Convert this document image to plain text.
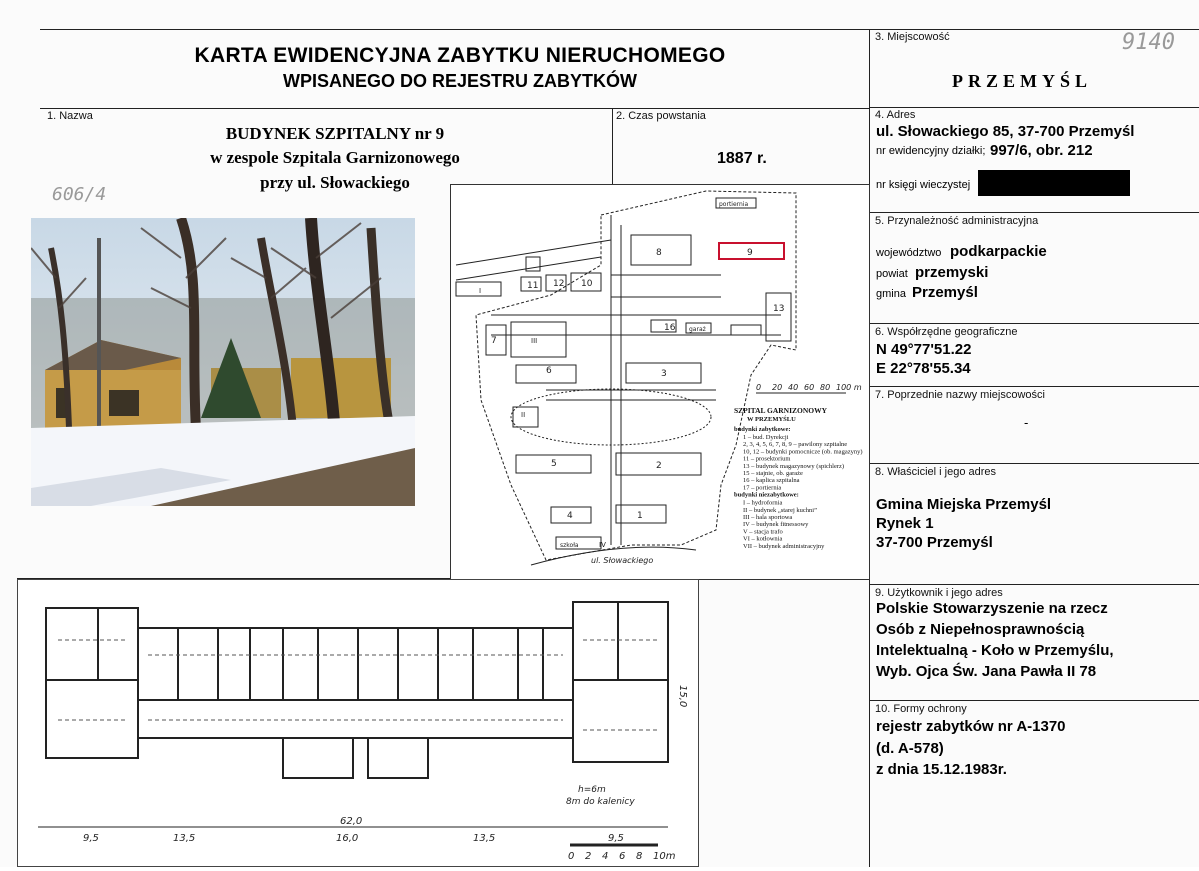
KARTA EWIDENCYJNA ZABYTKU NIERUCHOMEGO
WPISANEGO DO REJESTRU ZABYTKÓW
9140
606/4
1. Nazwa
BUDYNEK SZPITALNY nr 9
w zespole Szpitala Garnizonowego
przy ul. Słowackiego
2. Czas powstania
1887 r.
3. Miejscowość
PRZEMYŚL
4. Adres
ul. Słowackiego 85, 37-700 Przemyśl
nr ewidencyjny działki; 997/6, obr. 212
nr księgi wieczystej
5. Przynależność administracyjna
województwo podkarpackie
powiat przemyski
gmina Przemyśl
6. Współrzędne geograficzne
N 49°77'51.22
E 22°78'55.34
7. Poprzednie nazwy miejscowości
-
8. Właściciel i jego adres
Gmina Miejska Przemyśl
Rynek 1
37-700 Przemyśl
9. Użytkownik i jego adres
Polskie Stowarzyszenie na rzecz
Osób z Niepełnosprawnością
Intelektualną - Koło w Przemyślu,
Wyb. Ojca Św. Jana Pawła II 78
10. Formy ochrony
rejestr zabytków nr A-1370
(d. A-578)
z dnia 15.12.1983r.
8	9
10
11 12
13
6	3
5	2
4	1
7
16
III
I
II
IV
portiernia
garaż
szkoła
SZPITAL GARNIZONOWY
W PRZEMYŚLU
budynki zabytkowe:
1 – bud. Dyrekcji
2, 3, 4, 5, 6, 7, 8, 9 – pawilony szpitalne
10, 12 – budynki pomocnicze (ob. magazyny)
11 – prosektorium
13 – budynek magazynowy (spichlerz)
15 – stajnie, ob. garaże
16 – kaplica szpitalna
17 – portiernia
budynki niezabytkowe:
I – hydrofornia
II – budynek „starej kuchni”
III – hala sportowa
IV – budynek fitnessowy
V – stacja trafo
VI – kotłownia
VII – budynek administracyjny
0 20 40 60 80 100 m
ul. Słowackiego
62,0
9,5	13,5	16,0	13,5	9,5
0 2 4 6 8 10m
h=6m
8m do kalenicy
15,0
